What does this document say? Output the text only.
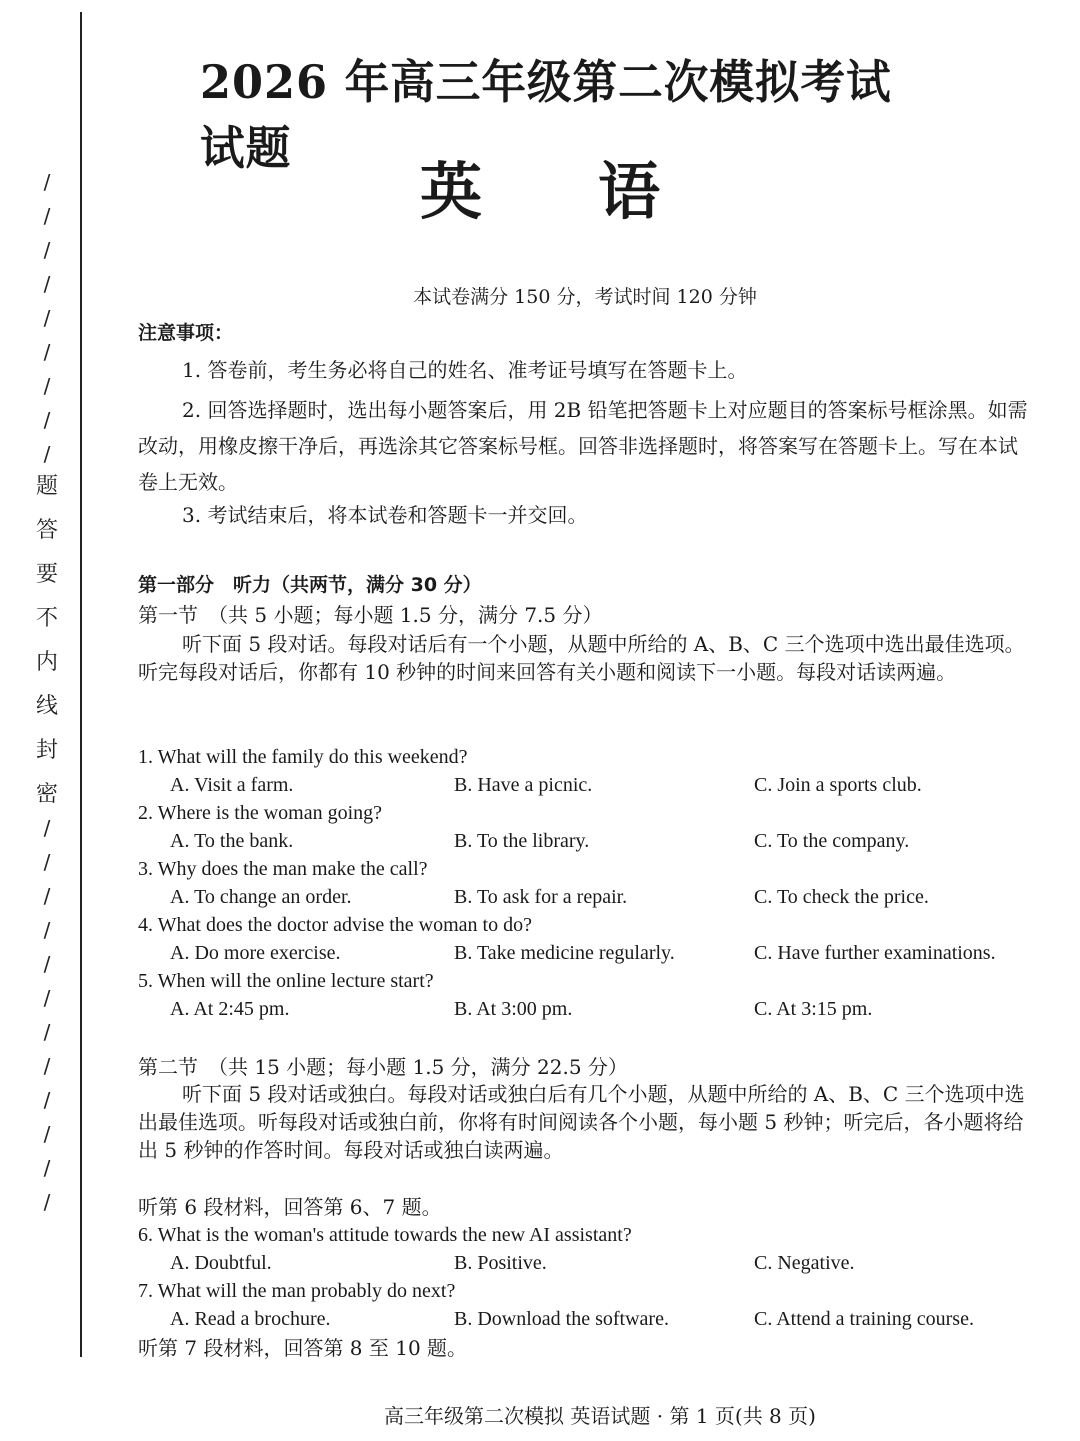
/
/
/
/
/
/
/
/
/
题
答
要
不
内
线
封
密
/
/
/
/
/
/
/
/
/
/
/
/
2026 年高三年级第二次模拟考试试题
英 语
本试卷满分 150 分，考试时间 120 分钟
注意事项：
1. 答卷前，考生务必将自己的姓名、准考证号填写在答题卡上。
2. 回答选择题时，选出每小题答案后，用 2B 铅笔把答题卡上对应题目的答案标号框涂黑。如需改动，用橡皮擦干净后，再选涂其它答案标号框。回答非选择题时，将答案写在答题卡上。写在本试卷上无效。
3. 考试结束后，将本试卷和答题卡一并交回。
第一部分　听力（共两节，满分 30 分）
第一节　（共 5 小题；每小题 1.5 分，满分 7.5 分）
听下面 5 段对话。每段对话后有一个小题，从题中所给的 A、B、C 三个选项中选出最佳选项。听完每段对话后，你都有 10 秒钟的时间来回答有关小题和阅读下一小题。每段对话读两遍。
1. What will the family do this weekend?
A. Visit a farm.	B. Have a picnic.	C. Join a sports club.
2. Where is the woman going?
A. To the bank.	B. To the library.	C. To the company.
3. Why does the man make the call?
A. To change an order.	B. To ask for a repair.	C. To check the price.
4. What does the doctor advise the woman to do?
A. Do more exercise.	B. Take medicine regularly.	C. Have further examinations.
5. When will the online lecture start?
A. At 2:45 pm.	B. At 3:00 pm.	C. At 3:15 pm.
第二节　（共 15 小题；每小题 1.5 分，满分 22.5 分）
听下面 5 段对话或独白。每段对话或独白后有几个小题，从题中所给的 A、B、C 三个选项中选出最佳选项。听每段对话或独白前，你将有时间阅读各个小题，每小题 5 秒钟；听完后，各小题将给出 5 秒钟的作答时间。每段对话或独白读两遍。
听第 6 段材料，回答第 6、7 题。
6. What is the woman's attitude towards the new AI assistant?
A. Doubtful.	B. Positive.	C. Negative.
7. What will the man probably do next?
A. Read a brochure.	B. Download the software.	C. Attend a training course.
听第 7 段材料，回答第 8 至 10 题。
高三年级第二次模拟 英语试题 · 第 1 页(共 8 页)
